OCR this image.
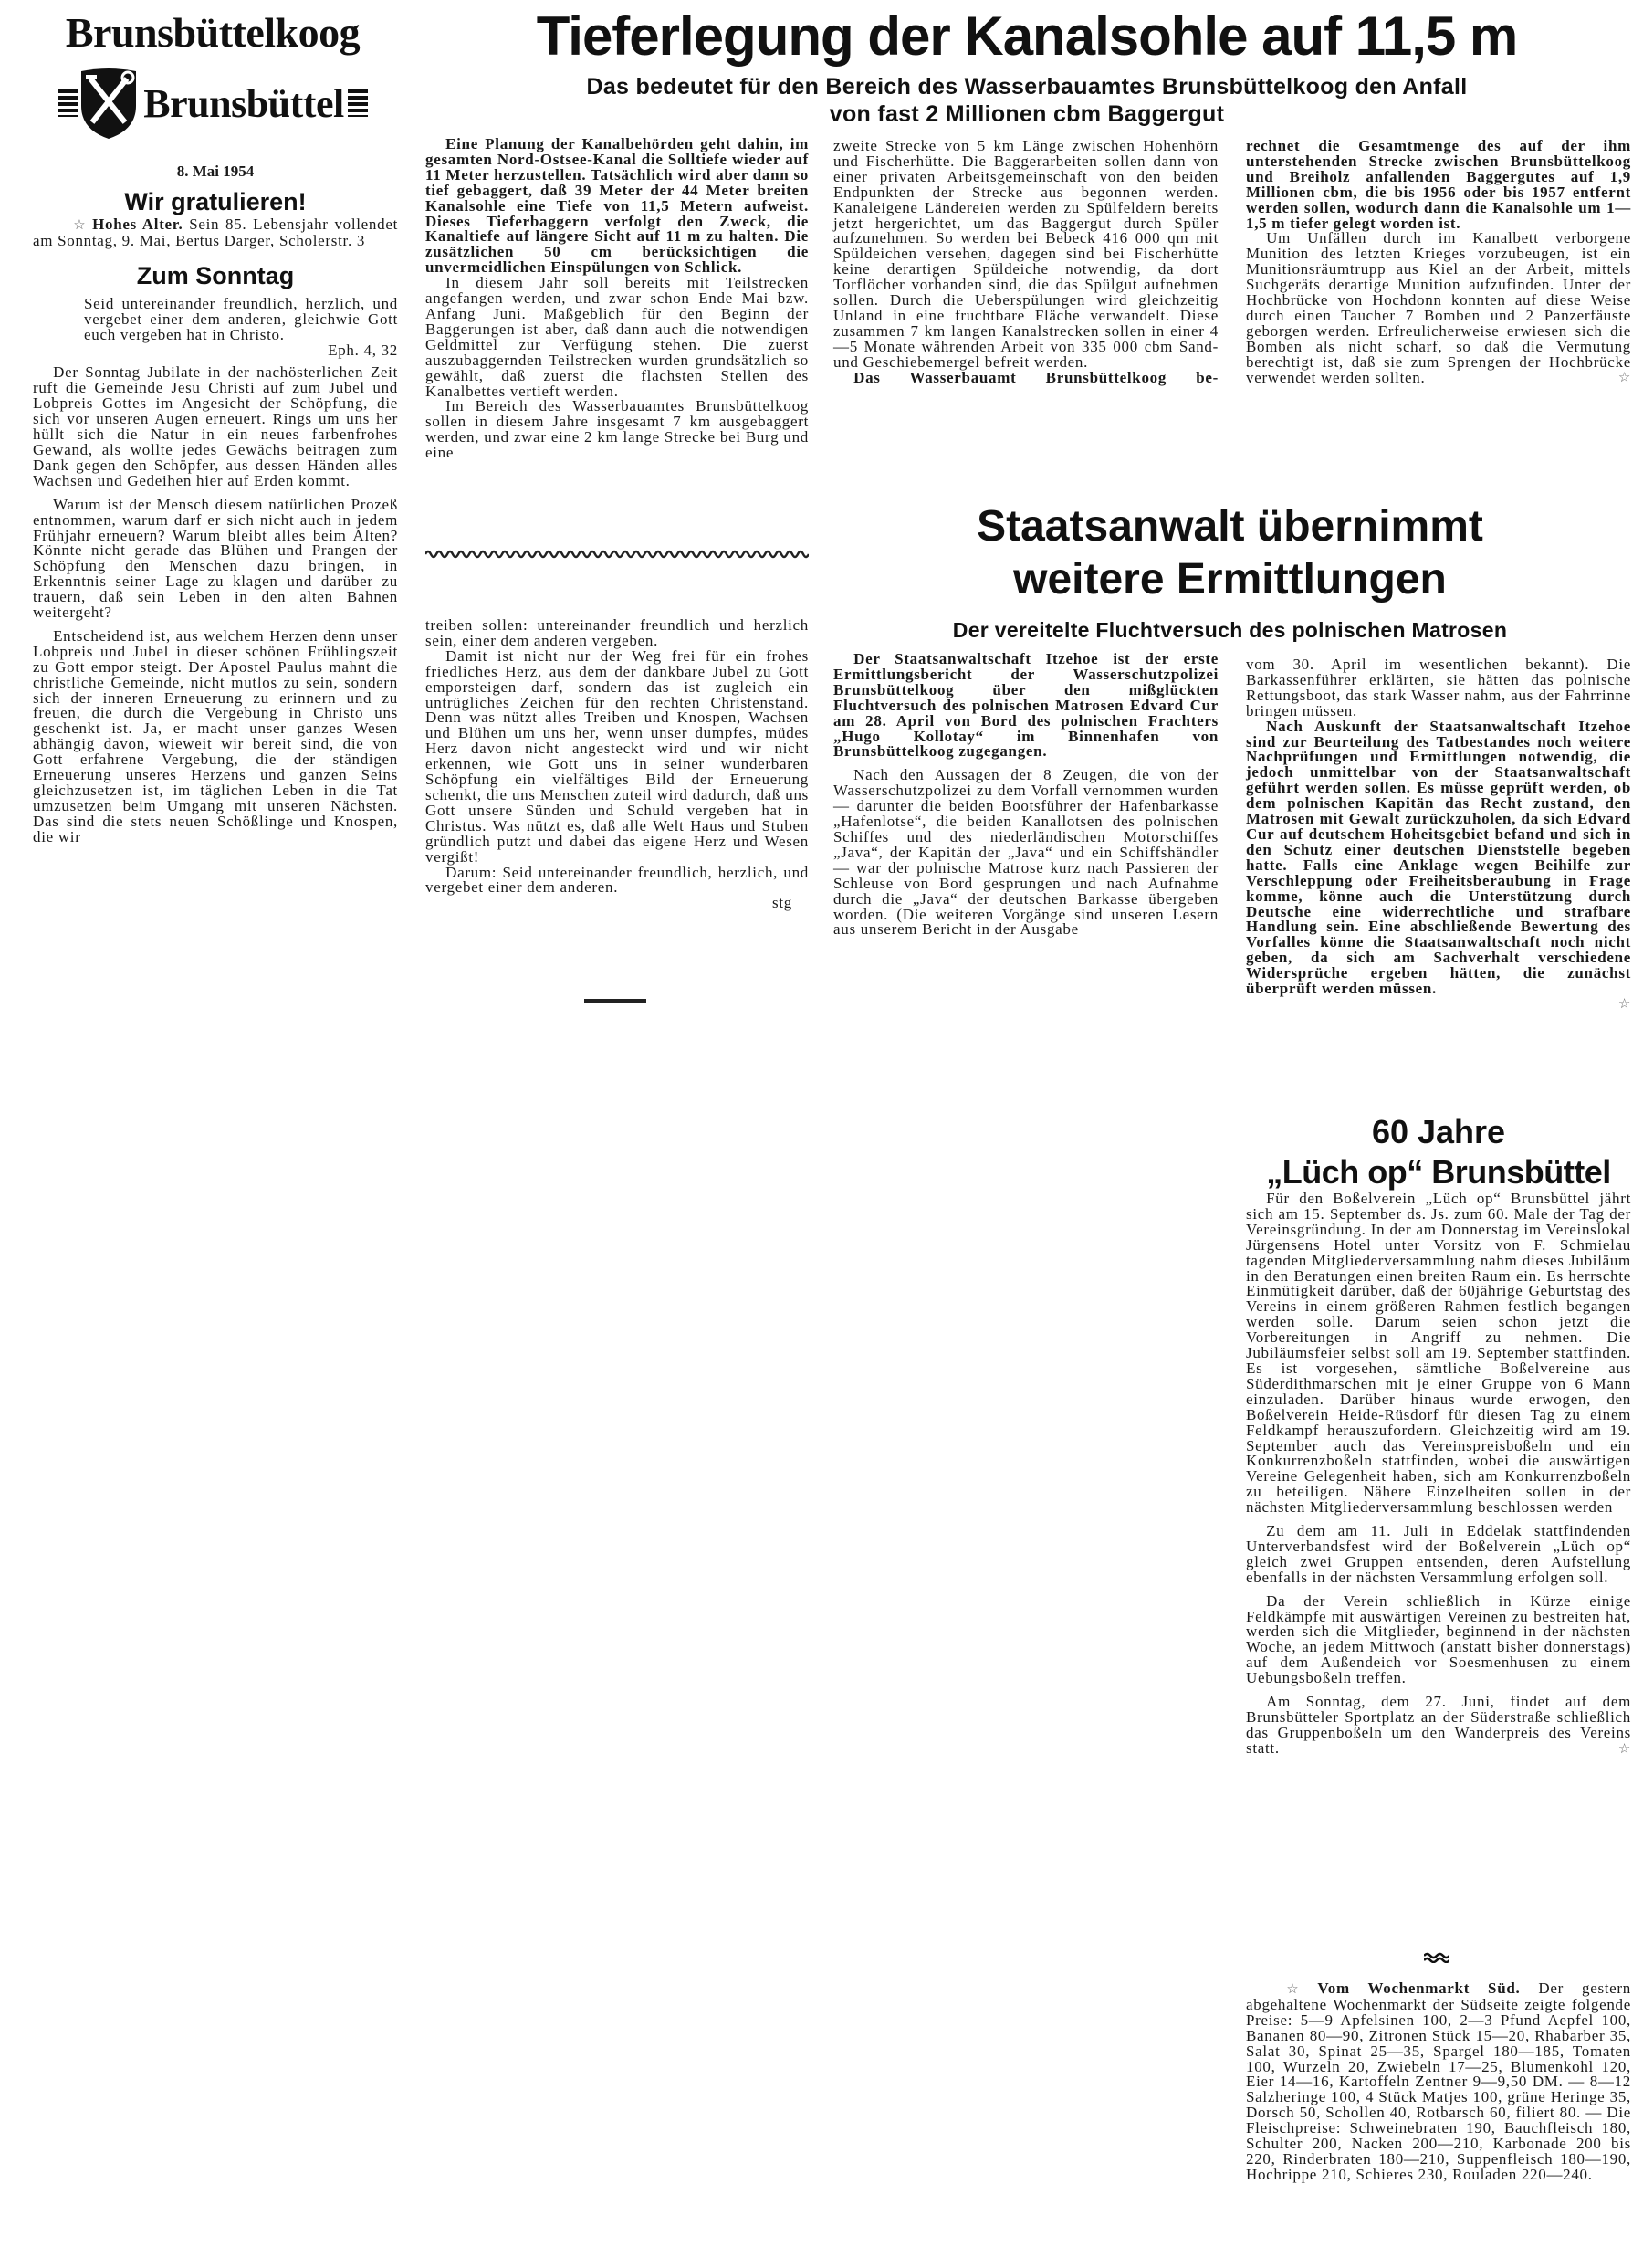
Brunsbüttelkoog
Brunsbüttel
8. Mai 1954
Wir gratulieren!

☆ Hohes Alter. Sein 85. Lebensjahr vollendet am Sonntag, 9. Mai, Bertus Darger, Scholerstr. 3

Zum Sonntag

Seid untereinander freundlich, herzlich, und vergebet einer dem anderen, gleichwie Gott euch vergeben hat in Christo.

Eph. 4, 32

Der Sonntag Jubilate in der nachösterlichen Zeit ruft die Gemeinde Jesu Christi auf zum Jubel und Lobpreis Gottes im Angesicht der Schöpfung, die sich vor unseren Augen erneuert. Rings um uns her hüllt sich die Natur in ein neues farbenfrohes Gewand, als wollte jedes Gewächs beitragen zum Dank gegen den Schöpfer, aus dessen Händen alles Wachsen und Gedeihen hier auf Erden kommt.

Warum ist der Mensch diesem natürlichen Prozeß entnommen, warum darf er sich nicht auch in jedem Frühjahr erneuern? Warum bleibt alles beim Alten? Könnte nicht gerade das Blühen und Prangen der Schöpfung den Menschen dazu bringen, in Erkenntnis seiner Lage zu klagen und darüber zu trauern, daß sein Leben in den alten Bahnen weitergeht?

Entscheidend ist, aus welchem Herzen denn unser Lobpreis und Jubel in dieser schönen Frühlingszeit zu Gott empor steigt. Der Apostel Paulus mahnt die christliche Gemeinde, nicht mutlos zu sein, sondern sich der inneren Erneuerung zu erinnern und zu freuen, die durch die Vergebung in Christo uns geschenkt ist. Ja, er macht unser ganzes Wesen abhängig davon, wieweit wir bereit sind, die von Gott erfahrene Vergebung, die der ständigen Erneuerung unseres Herzens und ganzen Seins gleichzusetzen ist, im täglichen Leben in die Tat umzusetzen beim Umgang mit unseren Nächsten. Das sind die stets neuen Schößlinge und Knospen, die wir

Tieferlegung der Kanalsohle auf 11,5 m
Das bedeutet für den Bereich des Wasserbauamtes Brunsbüttelkoog den Anfall
von fast 2 Millionen cbm Baggergut

Eine Planung der Kanalbehörden geht dahin, im gesamten Nord-Ostsee-Kanal die Solltiefe wieder auf 11 Meter herzustellen. Tatsächlich wird aber dann so tief gebaggert, daß 39 Meter der 44 Meter breiten Kanalsohle eine Tiefe von 11,5 Metern aufweist. Dieses Tieferbaggern verfolgt den Zweck, die Kanaltiefe auf längere Sicht auf 11 m zu halten. Die zusätzlichen 50 cm berücksichtigen die unvermeidlichen Einspülungen von Schlick.

In diesem Jahr soll bereits mit Teilstrecken angefangen werden, und zwar schon Ende Mai bzw. Anfang Juni. Maßgeblich für den Beginn der Baggerungen ist aber, daß dann auch die notwendigen Geldmittel zur Verfügung stehen. Die zuerst auszubaggernden Teilstrecken wurden grundsätzlich so gewählt, daß zuerst die flachsten Stellen des Kanalbettes vertieft werden.

Im Bereich des Wasserbauamtes Brunsbüttelkoog sollen in diesem Jahre insgesamt 7 km ausgebaggert werden, und zwar eine 2 km lange Strecke bei Burg und eine

treiben sollen: untereinander freundlich und herzlich sein, einer dem anderen vergeben.

Damit ist nicht nur der Weg frei für ein frohes friedliches Herz, aus dem der dankbare Jubel zu Gott emporsteigen darf, sondern das ist zugleich ein untrügliches Zeichen für den rechten Christenstand. Denn was nützt alles Treiben und Knospen, Wachsen und Blühen um uns her, wenn unser dumpfes, müdes Herz davon nicht angesteckt wird und wir nicht erkennen, wie Gott uns in seiner wunderbaren Schöpfung ein vielfältiges Bild der Erneuerung schenkt, die uns Menschen zuteil wird dadurch, daß uns Gott unsere Sünden und Schuld vergeben hat in Christus. Was nützt es, daß alle Welt Haus und Stuben gründlich putzt und dabei das eigene Herz und Wesen vergißt!

Darum: Seid untereinander freundlich, herzlich, und vergebet einer dem anderen.

stg

zweite Strecke von 5 km Länge zwischen Hohenhörn und Fischerhütte. Die Baggerarbeiten sollen dann von einer privaten Arbeitsgemeinschaft von den beiden Endpunkten der Strecke aus begonnen werden. Kanaleigene Ländereien werden zu Spülfeldern bereits jetzt hergerichtet, um das Baggergut durch Spüler aufzunehmen. So werden bei Bebeck 416 000 qm mit Spüldeichen versehen, dagegen sind bei Fischerhütte keine derartigen Spüldeiche notwendig, da dort Torflöcher vorhanden sind, die das Spülgut aufnehmen sollen. Durch die Ueberspülungen wird gleichzeitig Unland in eine fruchtbare Fläche verwandelt. Diese zusammen 7 km langen Kanalstrecken sollen in einer 4—5 Monate währenden Arbeit von 335 000 cbm Sand- und Geschiebemergel befreit werden.

Das Wasserbauamt Brunsbüttelkoog be-

rechnet die Gesamtmenge des auf der ihm unterstehenden Strecke zwischen Brunsbüttelkoog und Breiholz anfallenden Baggergutes auf 1,9 Millionen cbm, die bis 1956 oder bis 1957 entfernt werden sollen, wodurch dann die Kanalsohle um 1—1,5 m tiefer gelegt worden ist.

Um Unfällen durch im Kanalbett verborgene Munition des letzten Krieges vorzubeugen, ist ein Munitionsräumtrupp aus Kiel an der Arbeit, mittels Suchgeräts derartige Munition aufzufinden. Unter der Hochbrücke von Hochdonn konnten auf diese Weise durch einen Taucher 7 Bomben und 2 Panzerfäuste geborgen werden. Erfreulicherweise erwiesen sich die Bomben als nicht scharf, so daß die Vermutung berechtigt ist, daß sie zum Sprengen der Hochbrücke verwendet werden sollten.	☆

Staatsanwalt übernimmt
weitere Ermittlungen
Der vereitelte Fluchtversuch des polnischen Matrosen

Der Staatsanwaltschaft Itzehoe ist der erste Ermittlungsbericht der Wasserschutzpolizei Brunsbüttelkoog über den mißglückten Fluchtversuch des polnischen Matrosen Edvard Cur am 28. April von Bord des polnischen Frachters „Hugo Kollotay“ im Binnenhafen von Brunsbüttelkoog zugegangen.

Nach den Aussagen der 8 Zeugen, die von der Wasserschutzpolizei zu dem Vorfall vernommen wurden — darunter die beiden Bootsführer der Hafenbarkasse „Hafenlotse“, die beiden Kanallotsen des polnischen Schiffes und des niederländischen Motorschiffes „Java“, der Kapitän der „Java“ und ein Schiffshändler — war der polnische Matrose kurz nach Passieren der Schleuse von Bord gesprungen und nach Aufnahme durch die „Java“ der deutschen Barkasse übergeben worden. (Die weiteren Vorgänge sind unseren Lesern aus unserem Bericht in der Ausgabe

vom 30. April im wesentlichen bekannt). Die Barkassenführer erklärten, sie hätten das polnische Rettungsboot, das stark Wasser nahm, aus der Fahrrinne bringen müssen.

Nach Auskunft der Staatsanwaltschaft Itzehoe sind zur Beurteilung des Tatbestandes noch weitere Nachprüfungen und Ermittlungen notwendig, die jedoch unmittelbar von der Staatsanwaltschaft geführt werden sollen. Es müsse geprüft werden, ob dem polnischen Kapitän das Recht zustand, den Matrosen mit Gewalt zurückzuholen, da sich Edvard Cur auf deutschem Hoheitsgebiet befand und sich in den Schutz einer deutschen Dienststelle begeben hatte. Falls eine Anklage wegen Beihilfe zur Verschleppung oder Freiheitsberaubung in Frage komme, könne auch die Unterstützung durch Deutsche eine widerrechtliche und strafbare Handlung sein. Eine abschließende Bewertung des Vorfalles könne die Staatsanwaltschaft noch nicht geben, da sich am Sachverhalt verschiedene Widersprüche ergeben hätten, die zunächst überprüft werden müssen.

☆
60 Jahre
„Lüch op“ Brunsbüttel

Für den Boßelverein „Lüch op“ Brunsbüttel jährt sich am 15. September ds. Js. zum 60. Male der Tag der Vereinsgründung. In der am Donnerstag im Vereinslokal Jürgensens Hotel unter Vorsitz von F. Schmielau tagenden Mitgliederversammlung nahm dieses Jubiläum in den Beratungen einen breiten Raum ein. Es herrschte Einmütigkeit darüber, daß der 60jährige Geburtstag des Vereins in einem größeren Rahmen festlich begangen werden solle. Darum seien schon jetzt die Vorbereitungen in Angriff zu nehmen. Die Jubiläumsfeier selbst soll am 19. September stattfinden. Es ist vorgesehen, sämtliche Boßelvereine aus Süderdithmarschen mit je einer Gruppe von 6 Mann einzuladen. Darüber hinaus wurde erwogen, den Boßelverein Heide-Rüsdorf für diesen Tag zu einem Feldkampf herauszufordern. Gleichzeitig wird am 19. September auch das Vereinspreisboßeln und ein Konkurrenzboßeln stattfinden, wobei die auswärtigen Vereine Gelegenheit haben, sich am Konkurrenzboßeln zu beteiligen. Nähere Einzelheiten sollen in der nächsten Mitgliederversammlung beschlossen werden

Zu dem am 11. Juli in Eddelak stattfindenden Unterverbandsfest wird der Boßelverein „Lüch op“ gleich zwei Gruppen entsenden, deren Aufstellung ebenfalls in der nächsten Versammlung erfolgen soll.

Da der Verein schließlich in Kürze einige Feldkämpfe mit auswärtigen Vereinen zu bestreiten hat, werden sich die Mitglieder, beginnend in der nächsten Woche, an jedem Mittwoch (anstatt bisher donnerstags) auf dem Außendeich vor Soesmenhusen zu einem Uebungsboßeln treffen.

Am Sonntag, dem 27. Juni, findet auf dem Brunsbütteler Sportplatz an der Süderstraße schließlich das Gruppenboßeln um den Wanderpreis des Vereins statt.	☆

☆ Vom Wochenmarkt Süd. Der gestern abgehaltene Wochenmarkt der Südseite zeigte folgende Preise: 5—9 Apfelsinen 100, 2—3 Pfund Aepfel 100, Bananen 80—90, Zitronen Stück 15—20, Rhabarber 35, Salat 30, Spinat 25—35, Spargel 180—185, Tomaten 100, Wurzeln 20, Zwiebeln 17—25, Blumenkohl 120, Eier 14—16, Kartoffeln Zentner 9—9,50 DM. — 8—12 Salzheringe 100, 4 Stück Matjes 100, grüne Heringe 35, Dorsch 50, Schollen 40, Rotbarsch 60, filiert 80. — Die Fleischpreise: Schweinebraten 190, Bauchfleisch 180, Schulter 200, Nacken 200—210, Karbonade 200 bis 220, Rinderbraten 180—210, Suppenfleisch 180—190, Hochrippe 210, Schieres 230, Rouladen 220—240.
